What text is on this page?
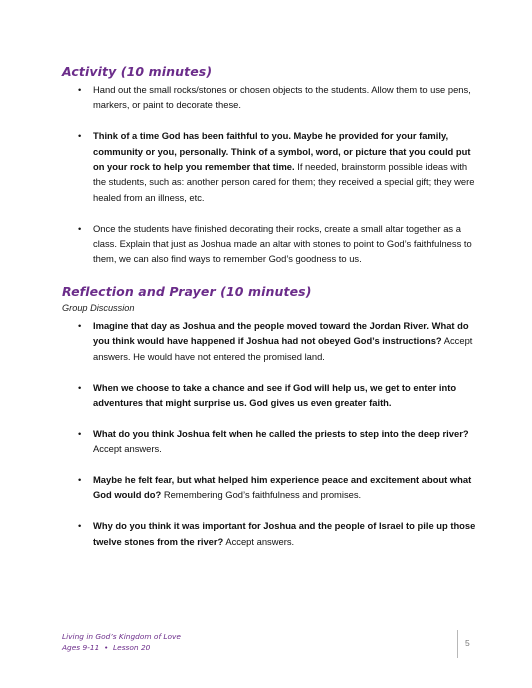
Activity (10 minutes)
• Hand out the small rocks/stones or chosen objects to the students. Allow them to use pens, markers, or paint to decorate these.
• Think of a time God has been faithful to you. Maybe he provided for your family, community or you, personally. Think of a symbol, word, or picture that you could put on your rock to help you remember that time. If needed, brainstorm possible ideas with the students, such as: another person cared for them; they received a special gift; they were healed from an illness, etc.
• Once the students have finished decorating their rocks, create a small altar together as a class. Explain that just as Joshua made an altar with stones to point to God’s faithfulness to them, we can also find ways to remember God’s goodness to us.
Reflection and Prayer (10 minutes)

Group Discussion

• Imagine that day as Joshua and the people moved toward the Jordan River. What do you think would have happened if Joshua had not obeyed God’s instructions? Accept answers. He would have not entered the promised land.
• When we choose to take a chance and see if God will help us, we get to enter into adventures that might surprise us. God gives us even greater faith.
• What do you think Joshua felt when he called the priests to step into the deep river? Accept answers.
• Maybe he felt fear, but what helped him experience peace and excitement about what God would do? Remembering God’s faithfulness and promises.
• Why do you think it was important for Joshua and the people of Israel to pile up those twelve stones from the river? Accept answers.
Living in God’s Kingdom of Love
Ages 9-11 • Lesson 20	5
